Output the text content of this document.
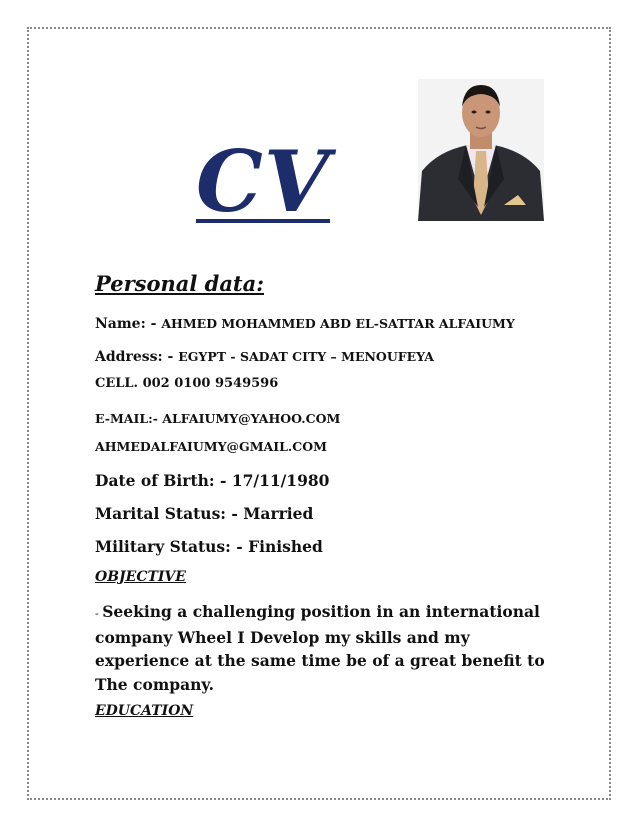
CV
Personal data:
Name: - AHMED MOHAMMED ABD EL-SATTAR ALFAIUMY
Address: - EGYPT - SADAT CITY – MENOUFEYA
CELL. 002 0100 9549596
E-MAIL:- ALFAIUMY@YAHOO.COM
AHMEDALFAIUMY@GMAIL.COM
Date of Birth: - 17/11/1980
Marital Status: - Married
Military Status: - Finished
OBJECTIVE
- Seeking a challenging position in an international company Wheel I Develop my skills and my experience at the same time be of a great benefit to The company.
EDUCATION
